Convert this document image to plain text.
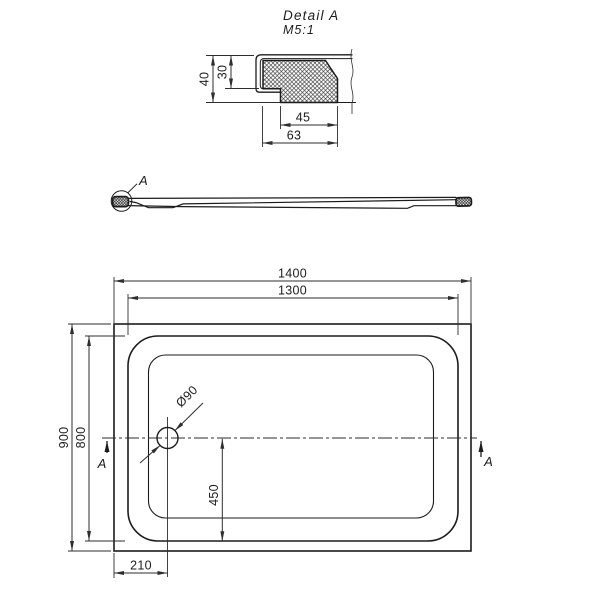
Detail A
M5:1
40 30
45
63
A
Ø90
1400
1300
900 800
450
210
A	A
